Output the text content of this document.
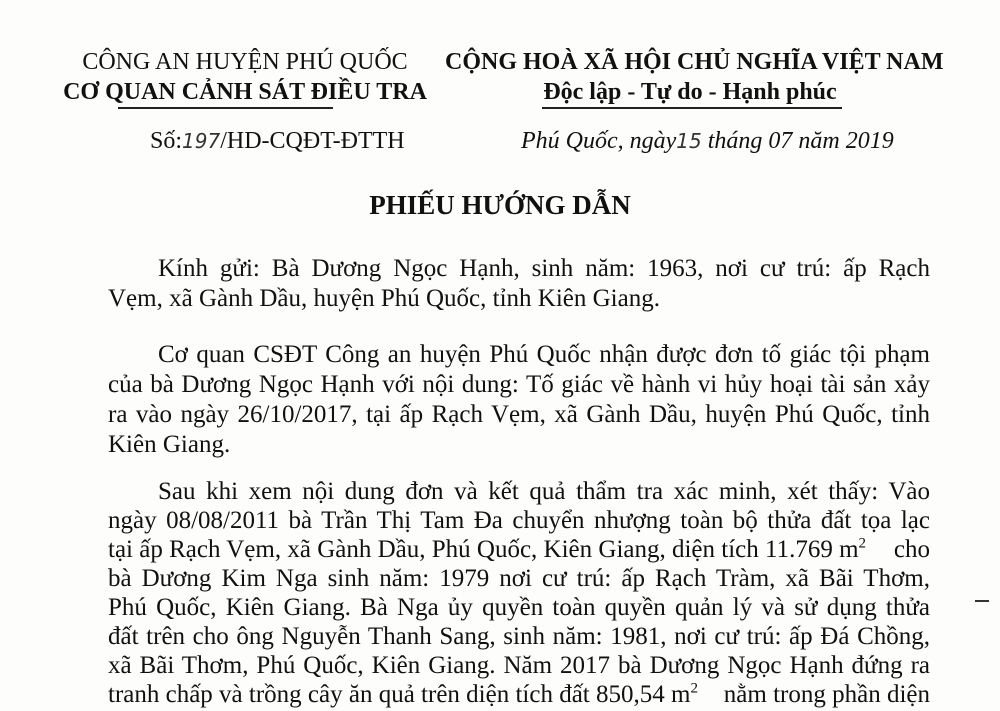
CÔNG AN HUYỆN PHÚ QUỐC
CƠ QUAN CẢNH SÁT ĐIỀU TRA
CỘNG HOÀ XÃ HỘI CHỦ NGHĨA VIỆT NAM
Độc lập - Tự do - Hạnh phúc
Số:197/HD-CQĐT-ĐTTH	Phú Quốc, ngày15 tháng 07 năm 2019
PHIẾU HƯỚNG DẪN
Kính gửi: Bà Dương Ngọc Hạnh, sinh năm: 1963, nơi cư trú: ấp Rạch
Vẹm, xã Gành Dầu, huyện Phú Quốc, tỉnh Kiên Giang.
Cơ quan CSĐT Công an huyện Phú Quốc nhận được đơn tố giác tội phạm
của bà Dương Ngọc Hạnh với nội dung: Tố giác về hành vi hủy hoại tài sản xảy
ra vào ngày 26/10/2017, tại ấp Rạch Vẹm, xã Gành Dầu, huyện Phú Quốc, tỉnh
Kiên Giang.
Sau khi xem nội dung đơn và kết quả thẩm tra xác minh, xét thấy: Vào
ngày 08/08/2011 bà Trần Thị Tam Đa chuyển nhượng toàn bộ thửa đất tọa lạc
tại ấp Rạch Vẹm, xã Gành Dầu, Phú Quốc, Kiên Giang, diện tích 11.769 $m^2$ cho
bà Dương Kim Nga sinh năm: 1979 nơi cư trú: ấp Rạch Tràm, xã Bãi Thơm,
Phú Quốc, Kiên Giang. Bà Nga ủy quyền toàn quyền quản lý và sử dụng thửa
đất trên cho ông Nguyễn Thanh Sang, sinh năm: 1981, nơi cư trú: ấp Đá Chồng,
xã Bãi Thơm, Phú Quốc, Kiên Giang. Năm 2017 bà Dương Ngọc Hạnh đứng ra
tranh chấp và trồng cây ăn quả trên diện tích đất 850,54 $m^2$ nằm trong phần diện
